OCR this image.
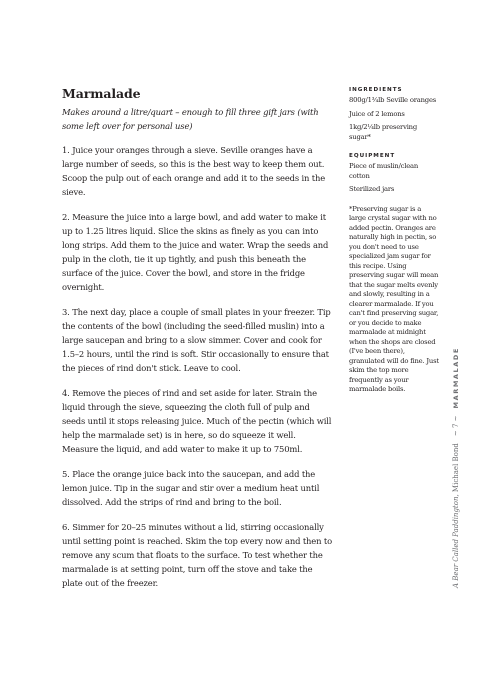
Marmalade

Makes around a litre/quart – enough to fill three gift jars (with some left over for personal use)

1. Juice your oranges through a sieve. Seville oranges have a large number of seeds, so this is the best way to keep them out. Scoop the pulp out of each orange and add it to the seeds in the sieve.

2. Measure the juice into a large bowl, and add water to make it up to 1.25 litres liquid. Slice the skins as finely as you can into long strips. Add them to the juice and water. Wrap the seeds and pulp in the cloth, tie it up tightly, and push this beneath the surface of the juice. Cover the bowl, and store in the fridge overnight.

3. The next day, place a couple of small plates in your freezer. Tip the contents of the bowl (including the seed-filled muslin) into a large saucepan and bring to a slow simmer. Cover and cook for 1.5–2 hours, until the rind is soft. Stir occasionally to ensure that the pieces of rind don't stick. Leave to cool.

4. Remove the pieces of rind and set aside for later. Strain the liquid through the sieve, squeezing the cloth full of pulp and seeds until it stops releasing juice. Much of the pectin (which will help the marmalade set) is in here, so do squeeze it well. Measure the liquid, and add water to make it up to 750ml.

5. Place the orange juice back into the saucepan, and add the lemon juice. Tip in the sugar and stir over a medium heat until dissolved. Add the strips of rind and bring to the boil.

6. Simmer for 20–25 minutes without a lid, stirring occasionally until setting point is reached. Skim the top every now and then to remove any scum that floats to the surface. To test whether the marmalade is at setting point, turn off the stove and take the plate out of the freezer.

INGREDIENTS
800g/1¾lb Seville oranges
Juice of 2 lemons
1kg/2¼lb preserving sugar*
EQUIPMENT
Piece of muslin/clean cotton
Sterilized jars

*Preserving sugar is a large crystal sugar with no added pectin. Oranges are naturally high in pectin, so you don't need to use specialized jam sugar for this recipe. Using preserving sugar will mean that the sugar melts evenly and slowly, resulting in a clearer marmalade. If you can't find preserving sugar, or you decide to make marmalade at midnight when the shops are closed (I've been there), granulated will do fine. Just skim the top more frequently as your marmalade boils.

A Bear Called Paddington, Michael Bond
~ 7 ~
MARMALADE
